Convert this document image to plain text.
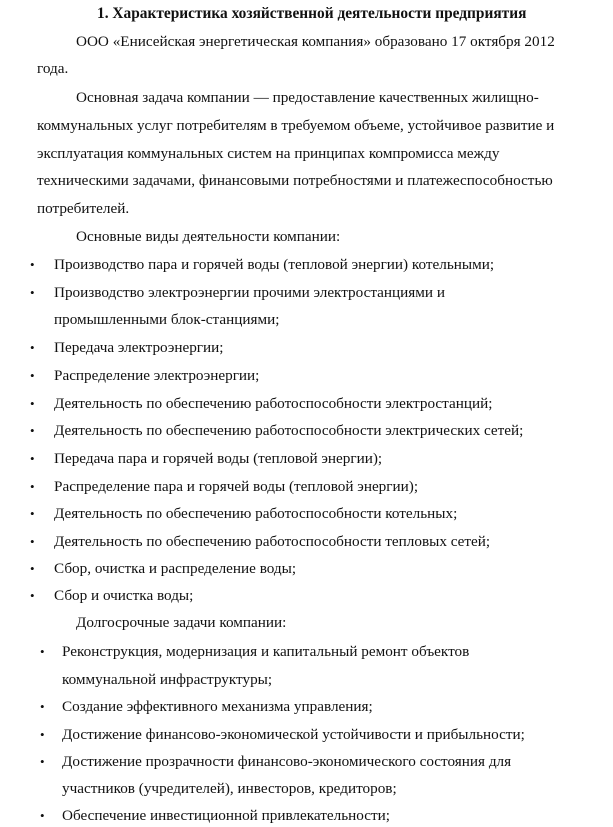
1. Характеристика хозяйственной деятельности предприятия
ООО «Енисейская энергетическая компания» образовано 17 октября 2012
года.
Основная задача компании — предоставление качественных жилищно-
коммунальных услуг потребителям в требуемом объеме, устойчивое развитие и
эксплуатация коммунальных систем на принципах компромисса между
техническими задачами, финансовыми потребностями и платежеспособностью
потребителей.
Основные виды деятельности компании:
• Производство пара и горячей воды (тепловой энергии) котельными;
• Производство электроэнергии прочими электростанциями и
промышленными блок-станциями;
• Передача электроэнергии;
• Распределение электроэнергии;
• Деятельность по обеспечению работоспособности электростанций;
• Деятельность по обеспечению работоспособности электрических сетей;
• Передача пара и горячей воды (тепловой энергии);
• Распределение пара и горячей воды (тепловой энергии);
• Деятельность по обеспечению работоспособности котельных;
• Деятельность по обеспечению работоспособности тепловых сетей;
• Сбор, очистка и распределение воды;
• Сбор и очистка воды;
Долгосрочные задачи компании:
• Реконструкция, модернизация и капитальный ремонт объектов
коммунальной инфраструктуры;
• Создание эффективного механизма управления;
• Достижение финансово-экономической устойчивости и прибыльности;
• Достижение прозрачности финансово-экономического состояния для
участников (учредителей), инвесторов, кредиторов;
• Обеспечение инвестиционной привлекательности;
